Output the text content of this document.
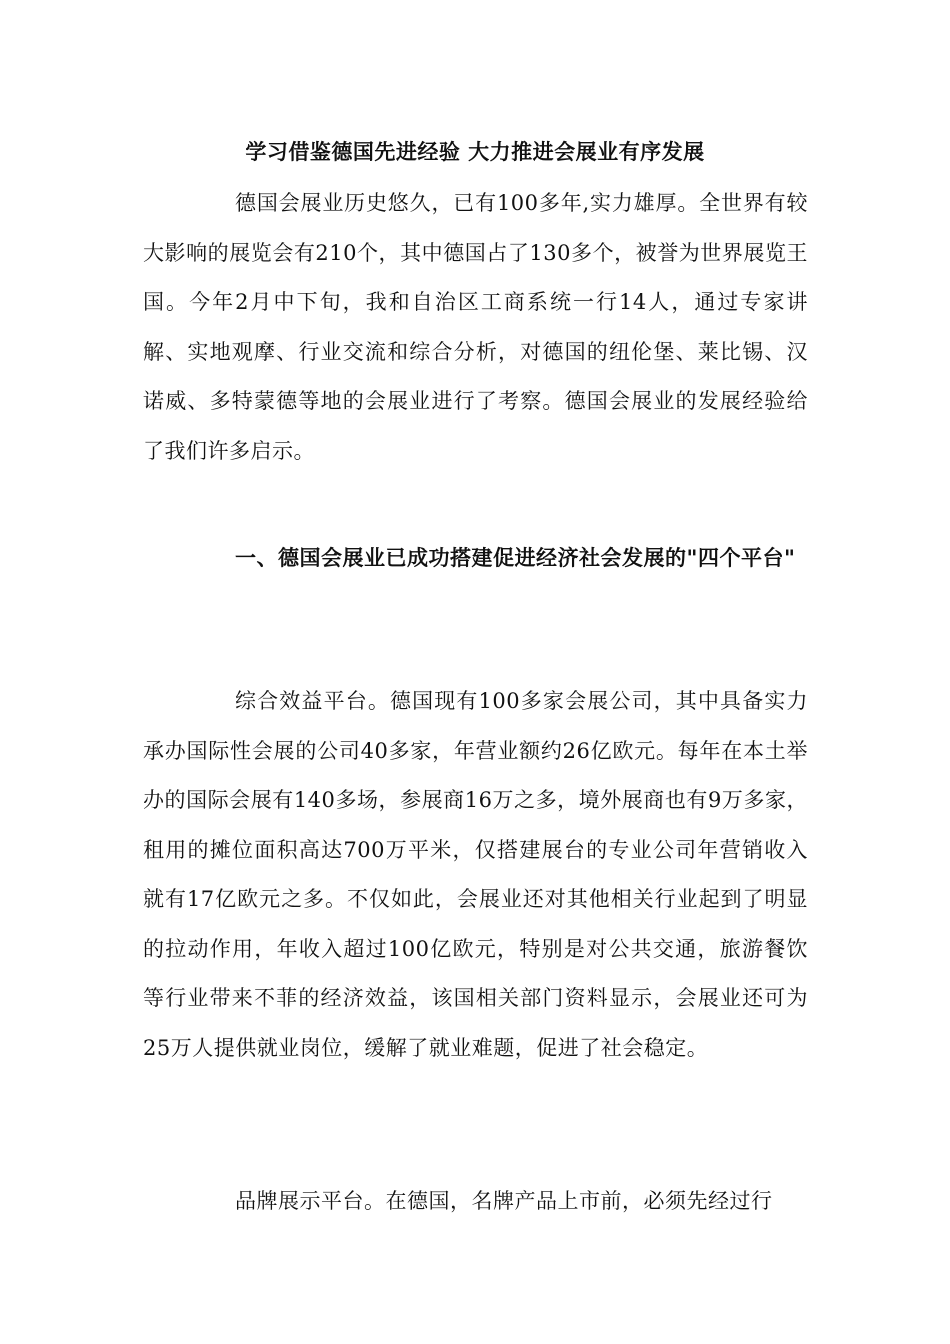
学习借鉴德国先进经验 大力推进会展业有序发展

德国会展业历史悠久，已有100多年,实力雄厚。全世界有较大影响的展览会有210个，其中德国占了130多个，被誉为世界展览王国。今年2月中下旬，我和自治区工商系统一行14人，通过专家讲解、实地观摩、行业交流和综合分析，对德国的纽伦堡、莱比锡、汉诺威、多特蒙德等地的会展业进行了考察。德国会展业的发展经验给了我们许多启示。

一、德国会展业已成功搭建促进经济社会发展的"四个平台"

综合效益平台。德国现有100多家会展公司，其中具备实力承办国际性会展的公司40多家，年营业额约26亿欧元。每年在本土举办的国际会展有140多场，参展商16万之多，境外展商也有9万多家，租用的摊位面积高达700万平米，仅搭建展台的专业公司年营销收入就有17亿欧元之多。不仅如此，会展业还对其他相关行业起到了明显的拉动作用，年收入超过100亿欧元，特别是对公共交通，旅游餐饮等行业带来不菲的经济效益，该国相关部门资料显示，会展业还可为25万人提供就业岗位，缓解了就业难题，促进了社会稳定。

品牌展示平台。在德国，名牌产品上市前，必须先经过行
